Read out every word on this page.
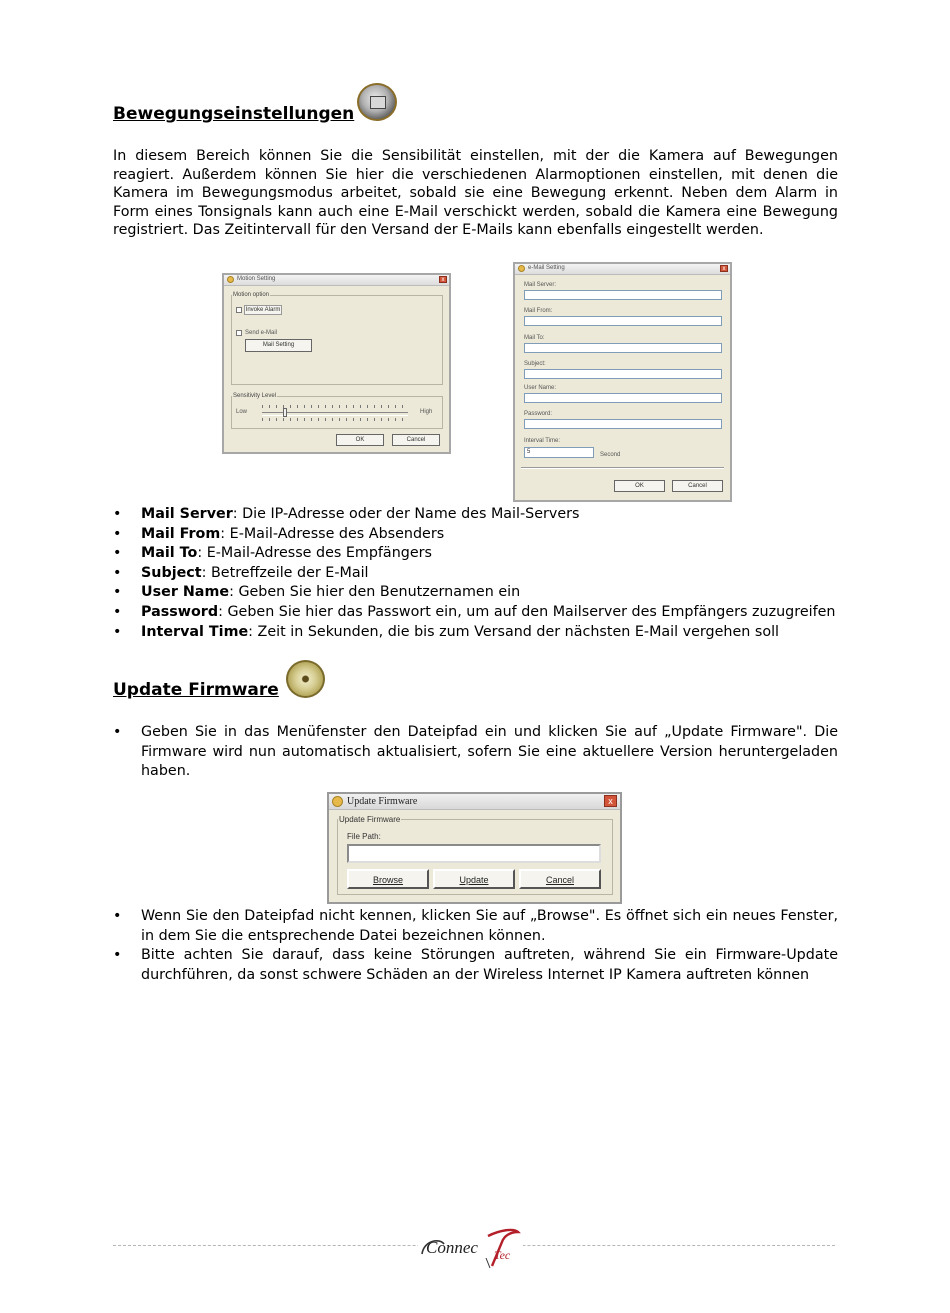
Bewegungseinstellungen
In diesem Bereich können Sie die Sensibilität einstellen, mit der die Kamera auf Bewegungen reagiert. Außerdem können Sie hier die verschiedenen Alarmoptionen einstellen, mit denen die Kamera im Bewegungsmodus arbeitet, sobald sie eine Bewegung erkennt. Neben dem Alarm in Form eines Tonsignals kann auch eine E-Mail verschickt werden, sobald die Kamera eine Bewegung registriert. Das Zeitintervall für den Versand der E-Mails kann ebenfalls eingestellt werden.
Motion Setting	x
Motion option
Invoke Alarm
Send e-Mail
Mail Setting
Sensitivity Level
Low	High
OK	Cancel
e-Mail Setting	x
Mail Server:
Mail From:
Mail To:
Subject:
User Name:
Password:
Interval Time:
5	Second
OK	Cancel
• Mail Server: Die IP-Adresse oder der Name des Mail-Servers
• Mail From: E-Mail-Adresse des Absenders
• Mail To: E-Mail-Adresse des Empfängers
• Subject: Betreffzeile der E-Mail
• User Name: Geben Sie hier den Benutzernamen ein
• Password: Geben Sie hier das Passwort ein, um auf den Mailserver des Empfängers zuzugreifen
• Interval Time: Zeit in Sekunden, die bis zum Versand der nächsten E-Mail vergehen soll
Update Firmware
• Geben Sie in das Menüfenster den Dateipfad ein und klicken Sie auf „Update Firmware". Die Firmware wird nun automatisch aktualisiert, sofern Sie eine aktuellere Version heruntergeladen haben.
Update Firmware	x
Update Firmware
File Path:
Browse	Update	Cancel
• Wenn Sie den Dateipfad nicht kennen, klicken Sie auf „Browse". Es öffnet sich ein neues Fenster, in dem Sie die entsprechende Datei bezeichnen können.
• Bitte achten Sie darauf, dass keine Störungen auftreten, während Sie ein Firmware-Update durchführen, da sonst schwere Schäden an der Wireless Internet IP Kamera auftreten können
Connec Tec
